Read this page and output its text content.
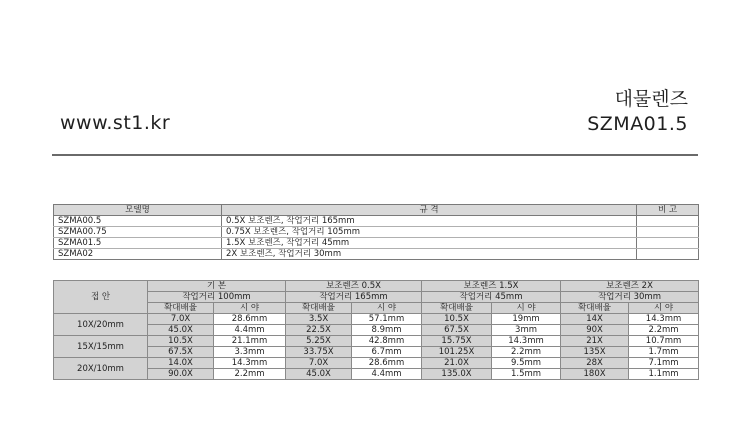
www.st1.kr
대물렌즈
SZMA01.5
모델명	규 격	비 고
SZMA00.5	0.5X 보조렌즈, 작업거리 165mm	
SZMA00.75	0.75X 보조렌즈, 작업거리 105mm	
SZMA01.5	1.5X 보조렌즈, 작업거리 45mm	
SZMA02	2X 보조렌즈, 작업거리 30mm	
접 안	기 본		보조렌즈 0.5X		보조렌즈 1.5X		보조렌즈 2X	
	작업거리 100mm		작업거리 165mm		작업거리 45mm		작업거리 30mm	
	확대배율	시 야	확대배율	시 야	확대배율	시 야	확대배율	시 야
10X/20mm	7.0X	28.6mm	3.5X	57.1mm	10.5X	19mm	14X	14.3mm
	45.0X	4.4mm	22.5X	8.9mm	67.5X	3mm	90X	2.2mm
15X/15mm	10.5X	21.1mm	5.25X	42.8mm	15.75X	14.3mm	21X	10.7mm
	67.5X	3.3mm	33.75X	6.7mm	101.25X	2.2mm	135X	1.7mm
20X/10mm	14.0X	14.3mm	7.0X	28.6mm	21.0X	9.5mm	28X	7.1mm
	90.0X	2.2mm	45.0X	4.4mm	135.0X	1.5mm	180X	1.1mm
